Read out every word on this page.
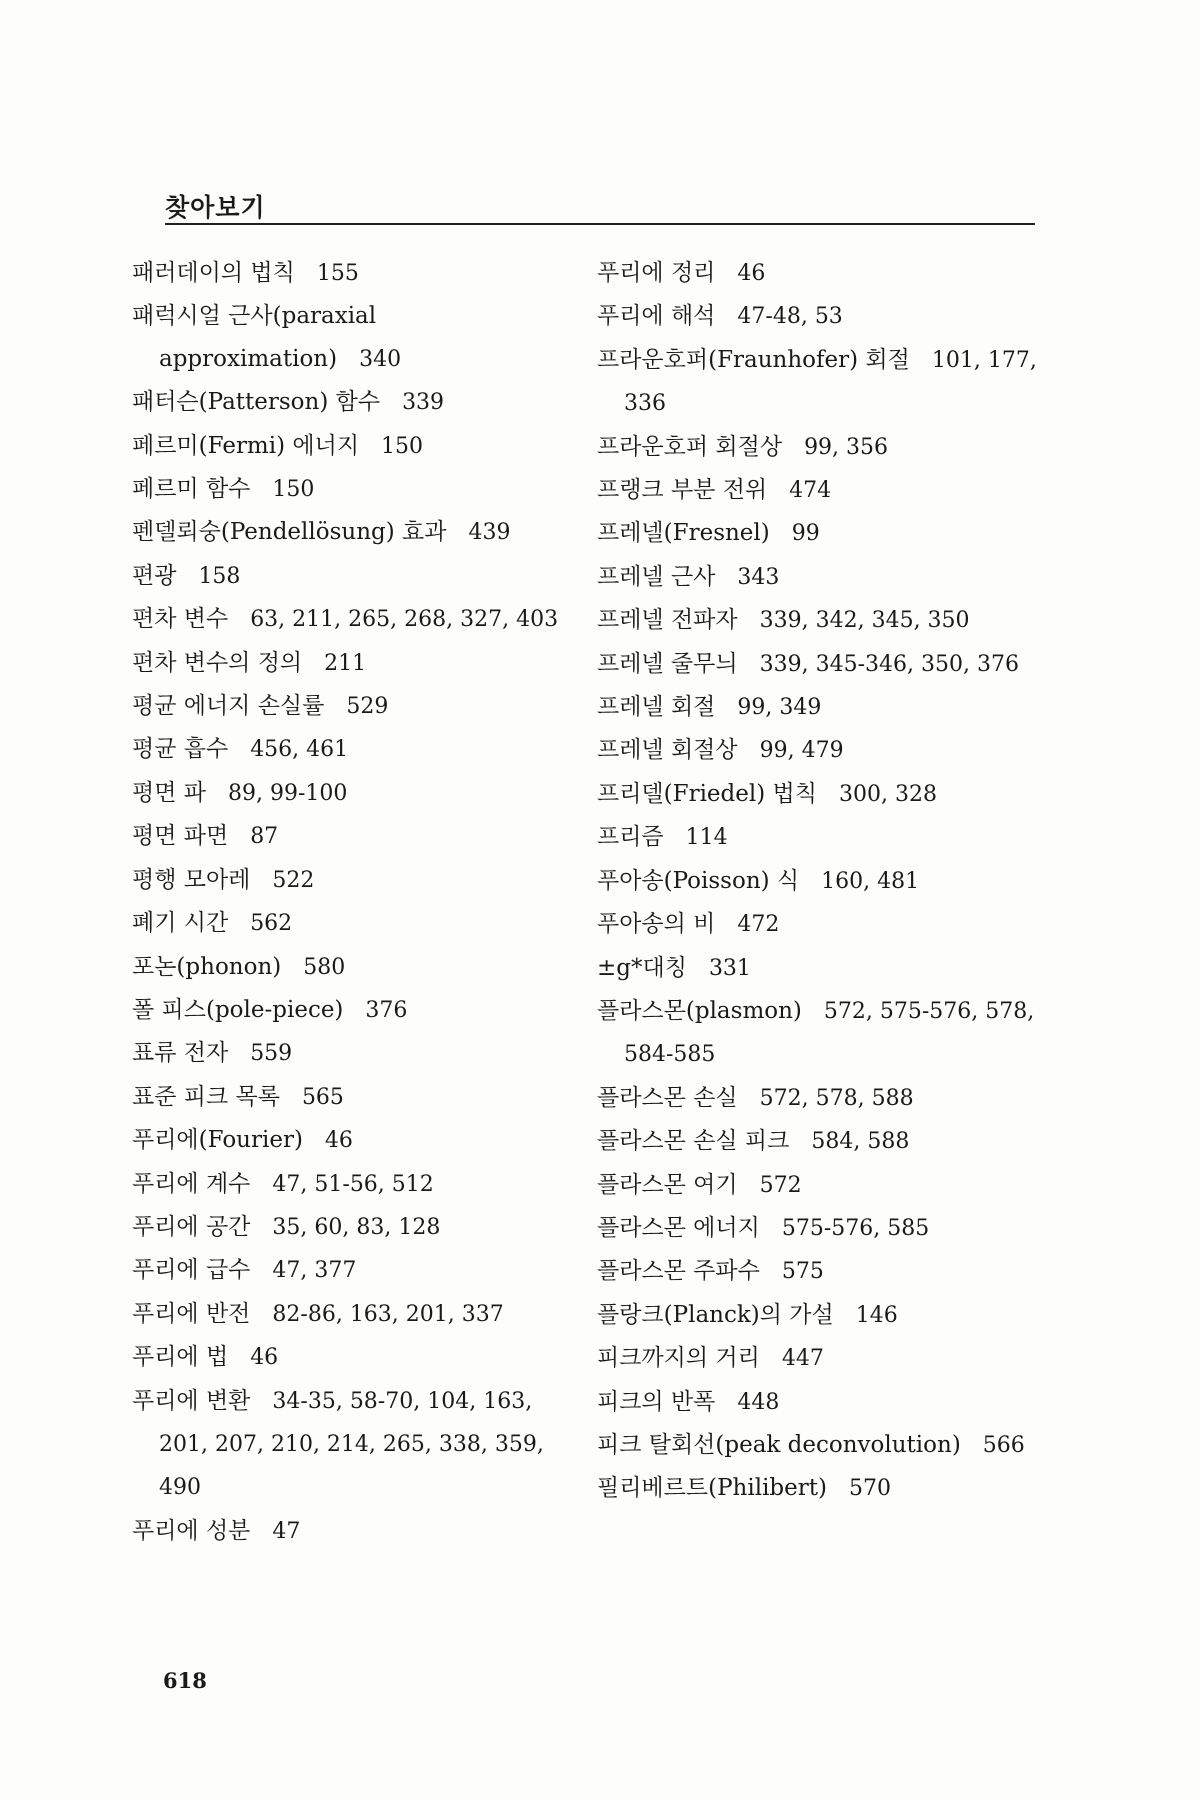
찾아보기
패러데이의 법칙 155
패럭시얼 근사(paraxial approximation) 340
패터슨(Patterson) 함수 339
페르미(Fermi) 에너지 150
페르미 함수 150
펜델뢰숭(Pendellösung) 효과 439
편광 158
편차 변수 63, 211, 265, 268, 327, 403
편차 변수의 정의 211
평균 에너지 손실률 529
평균 흡수 456, 461
평면 파 89, 99-100
평면 파면 87
평행 모아레 522
폐기 시간 562
포논(phonon) 580
폴 피스(pole-piece) 376
표류 전자 559
표준 피크 목록 565
푸리에(Fourier) 46
푸리에 계수 47, 51-56, 512
푸리에 공간 35, 60, 83, 128
푸리에 급수 47, 377
푸리에 반전 82-86, 163, 201, 337
푸리에 법 46
푸리에 변환 34-35, 58-70, 104, 163, 201, 207, 210, 214, 265, 338, 359, 490
푸리에 성분 47
푸리에 정리 46
푸리에 해석 47-48, 53
프라운호퍼(Fraunhofer) 회절 101, 177, 336
프라운호퍼 회절상 99, 356
프랭크 부분 전위 474
프레넬(Fresnel) 99
프레넬 근사 343
프레넬 전파자 339, 342, 345, 350
프레넬 줄무늬 339, 345-346, 350, 376
프레넬 회절 99, 349
프레넬 회절상 99, 479
프리델(Friedel) 법칙 300, 328
프리즘 114
푸아송(Poisson) 식 160, 481
푸아송의 비 472
±g*대칭 331
플라스몬(plasmon) 572, 575-576, 578, 584-585
플라스몬 손실 572, 578, 588
플라스몬 손실 피크 584, 588
플라스몬 여기 572
플라스몬 에너지 575-576, 585
플라스몬 주파수 575
플랑크(Planck)의 가설 146
피크까지의 거리 447
피크의 반폭 448
피크 탈회선(peak deconvolution) 566
필리베르트(Philibert) 570
618
